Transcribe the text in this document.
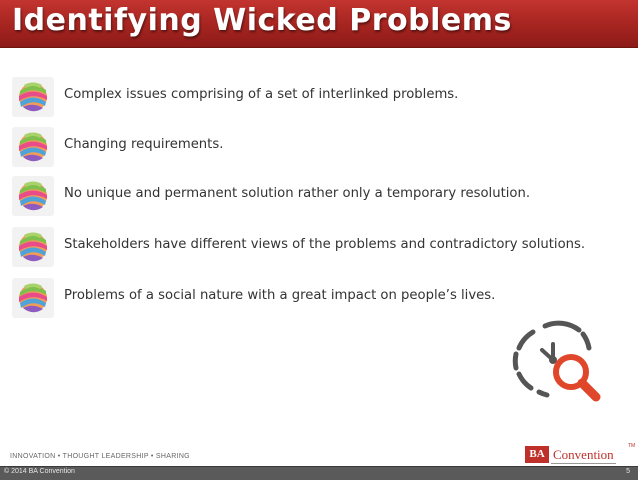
Identifying Wicked Problems
Complex issues comprising of a set of interlinked problems.
Changing requirements.
No unique and permanent solution rather only a temporary resolution.
Stakeholders have different views of the problems and contradictory solutions.
Problems of a social nature with a great impact on people’s lives.
INNOVATION • THOUGHT LEADERSHIP • SHARING	BA Convention
TM
© 2014 BA Convention	5
